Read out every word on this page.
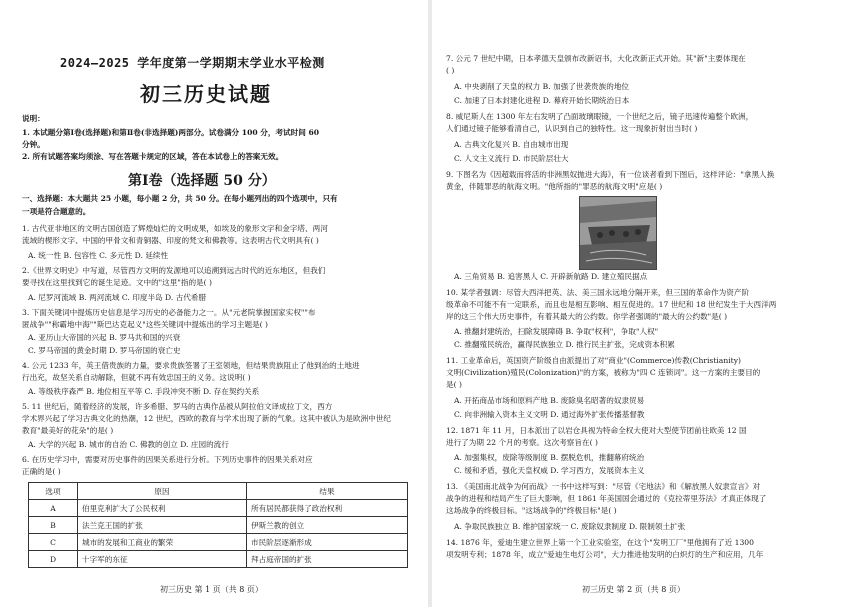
2024—2025 学年度第一学期期末学业水平检测
初三历史试题
说明：
1. 本试题分第Ⅰ卷(选择题)和第Ⅱ卷(非选择题)两部分。试卷满分 100 分，考试时间 60
分钟。
2. 所有试题答案均须涂、写在答题卡规定的区域，答在本试卷上的答案无效。
第Ⅰ卷（选择题 50 分）
一、选择题：本大题共 25 小题，每小题 2 分，共 50 分。在每小题列出的四个选项中，只有
一项是符合题意的。
1. 古代亚非地区的文明古国创造了辉煌灿烂的文明成果，如埃及的象形文字和金字塔、两河
流域的楔形文字、中国的甲骨文和青铜器、印度的梵文和佛教等。这表明古代文明具有( )
A. 统一性 B. 包容性 C. 多元性 D. 延续性
2.《世界文明史》中写道，尽管西方文明的发源地可以追溯到远古时代的近东地区，但我们
要寻找在这里找到它的诞生足迹。文中的"这里"指的是( )
A. 尼罗河流域 B. 两河流域 C. 印度半岛 D. 古代希腊
3. 下面关键词中提炼历史信息是学习历史的必备能力之一。从"元老院掌握国家实权""布
匿战争""称霸地中海""斯巴达克起义"这些关键词中提炼出的学习主题是( )
A. 亚历山大帝国的兴起 B. 罗马共和国的兴衰
C. 罗马帝国的黄金时期 D. 罗马帝国的衰亡史
4. 公元 1233 年，英王借贵族的力量，要求贵族签署了王室领地，但结果贵族阻止了他到治的土地进
行出充，故坚关系自动解除，但就不再有效忠国王的义务。这说明( )
A. 等级秩序森严 B. 地位相互平等 C. 手段冲突不断 D. 存在契约关系
5. 11 世纪后，随着经济的发展，许多希腊、罗马的古典作品被从阿拉伯文译成拉丁文，西方
学术界兴起了学习古典文化的热潮，12 世纪，西欧的教育与学术出现了新的气象。这其中被认为是欧洲中世纪
教育"最美好的花朵"的是( )
A. 大学的兴起 B. 城市的自治 C. 佛教的创立 D. 庄园的流行
6. 在历史学习中，需要对历史事件的因果关系进行分析。下列历史事件的因果关系对应
正确的是( )
选项	原因	结果
A	伯里克利扩大了公民权利	所有居民都获得了政治权利
B	法兰克王国的扩张	伊斯兰教的创立
C	城市的发展和工商业的繁荣	市民阶层逐渐形成
D	十字军的东征	拜占庭帝国的扩张
初三历史 第 1 页（共 8 页）
7. 公元 7 世纪中期，日本孝德天皇颁布改新诏书，大化改新正式开始。其"新"主要体现在
( )
A. 中央剥削了天皇的权力 B. 加强了世袭贵族的地位
C. 加速了日本封建化进程 D. 幕府开始长期统治日本
8. 威尼斯人在 1300 年左右发明了凸面玻璃眼镜，一个世纪之后，镜子迅速传遍整个欧洲，
人们通过镜子能够看清自己，认识到自己的独特性。这一现象折射出当时( )
A. 古典文化复兴 B. 自由城市出现
C. 人文主义流行 D. 市民阶层壮大
9. 下图名为《因超载而将活的非洲黑奴抛进大海》，有一位谈者看到下图后，这样评论："拿黑人换
黄金，伴随罪恶的航海文明。"他所指的"罪恶的航海文明"应是( )
A. 三角贸易 B. 追害黑人 C. 开辟新航路 D. 建立殖民据点
10. 某学者强调：尽管大西洋把英、法、美三国永远地分隔开来，但三国的革命作为资产阶
级革命不可能不有一定联系，而且也是相互影响、相互促进的。17 世纪和 18 世纪发生于大西洋两
岸的这三个伟大历史事件，有着其最大的公约数。你学者强调的"最大的公约数"是( )
A. 推翻封建统治，扫除发展障碍 B. 争取"权利"，争取"人权"
C. 推翻殖民统治，赢得民族独立 D. 推行民主扩张，完成资本积累
11. 工业革命后，英国资产阶级自由派提出了对"商业"(Commerce)传教(Christianity)
文明(Civilization)殖民(Colonization)"的方案，被称为"四 C 连锁词"。这一方案的主要目的
是( )
A. 开拓商品市场和原料产地 B. 废除臭名昭著的奴隶贸易
C. 向非洲输入资本主义文明 D. 通过海外扩张传播基督教
12. 1871 年 11 月，日本派出了以岩仓具视为特命全权大使对大型使节团前往欧美 12 国
进行了为期 22 个月的考察。这次考察旨在( )
A. 加强集权，废除等级制度 B. 摆脱危机，推翻幕府统治
C. 缓和矛盾，强化天皇权威 D. 学习西方，发展资本主义
13. 《美国南北战争为何而战》一书中这样写到："尽管《宅地法》和《解放黑人奴隶宣言》对
战争的进程和结局产生了巨大影响，但 1861 年美国国会通过的《克拉蒂里芬法》才真正体现了
这场战争的终极目标。"这场战争的"终极目标"是( )
A. 争取民族独立 B. 维护国家统一 C. 废除奴隶制度 D. 限制领土扩张
14. 1876 年，爱迪生建立世界上第一个工业实验室，在这个"发明工厂"里他拥有了近 1300
项发明专利；1878 年，成立"爱迪生电灯公司"，大力推进他发明的白炽灯的生产和应用，几年
初三历史 第 2 页（共 8 页）
